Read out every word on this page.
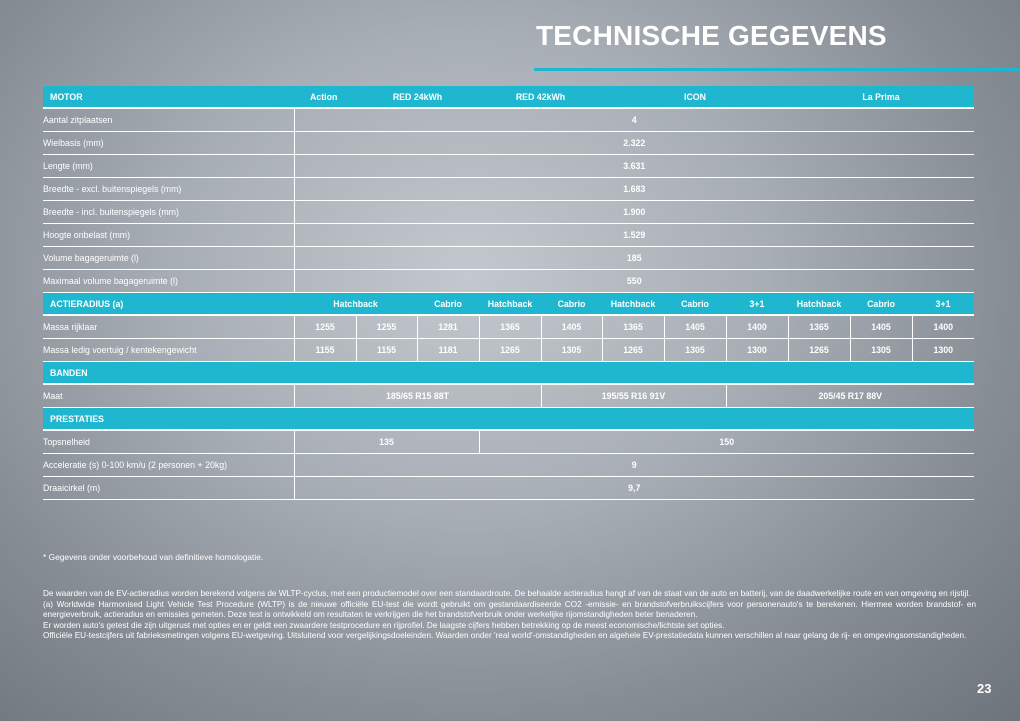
TECHNISCHE GEGEVENS
MOTOR	Action	RED 24kWh		RED 42kWh		ICON			La Prima		
Aantal zitplaatsen	4										
Wielbasis (mm)	2.322										
Lengte (mm)	3.631										
Breedte - excl. buitenspiegels (mm)	1.683										
Breedte - incl. buitenspiegels (mm)	1.900										
Hoogte onbelast (mm)	1.529										
Volume bagageruimte (l)	185										
Maximaal volume bagageruimte (l)	550										
ACTIERADIUS (a)	Hatchback		Cabrio	Hatchback	Cabrio	Hatchback	Cabrio	3+1	Hatchback	Cabrio	3+1
Massa rijklaar	1255	1255	1281	1365	1405	1365	1405	1400	1365	1405	1400
Massa ledig voertuig / kentekengewicht	1155	1155	1181	1265	1305	1265	1305	1300	1265	1305	1300
BANDEN											
Maat	185/65 R15 88T				195/55 R16 91V			205/45 R17 88V			
PRESTATIES											
Topsnelheid	135			150							
Acceleratie (s) 0-100 km/u (2 personen + 20kg)	9										
Draaicirkel (m)	9,7										
* Gegevens onder voorbehoud van definitieve homologatie.

De waarden van de EV-actieradius worden berekend volgens de WLTP-cyclus, met een productiemodel over een standaardroute. De behaalde actieradius hangt af van de staat van de auto en batterij, van de daadwerkelijke route en van omgeving en rijstijl.

(a) Worldwide Harmonised Light Vehicle Test Procedure (WLTP) is de nieuwe officiële EU-test die wordt gebruikt om gestandaardiseerde CO2 -emissie- en brandstofverbruikscijfers voor personenauto's te berekenen. Hiermee worden brandstof- en energieverbruik, actieradius en emissies gemeten. Deze test is ontwikkeld om resultaten te verkrijgen die het brandstofverbruik onder werkelijke rijomstandigheden beter benaderen.

Er worden auto's getest die zijn uitgerust met opties en er geldt een zwaardere testprocedure en rijprofiel. De laagste cijfers hebben betrekking op de meest economische/lichtste set opties.

Officiële EU-testcijfers uit fabrieksmetingen volgens EU-wetgeving. Uitsluitend voor vergelijkingsdoeleinden. Waarden onder 'real world'-omstandigheden en algehele EV-prestatiedata kunnen verschillen al naar gelang de rij- en omgevingsomstandigheden.

23
